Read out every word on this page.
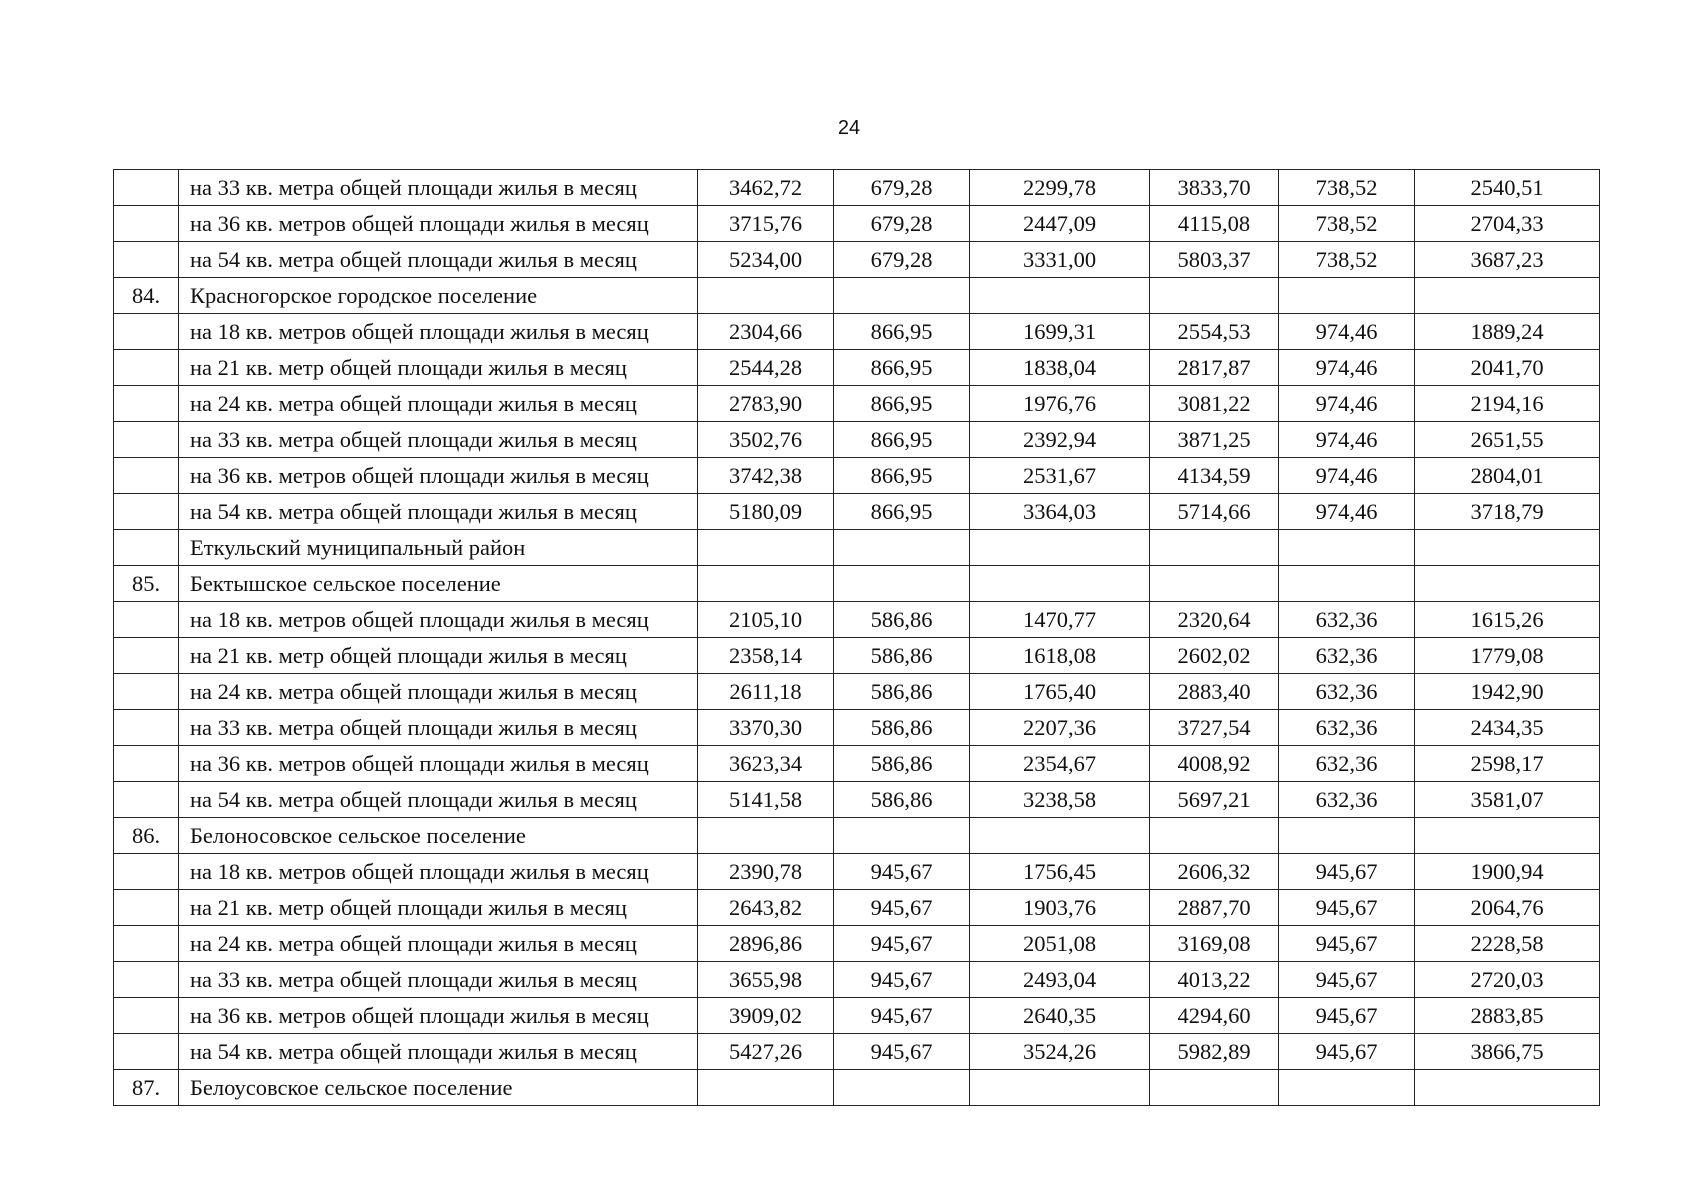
24
	на 33 кв. метра общей площади жилья в месяц	3462,72	679,28	2299,78	3833,70	738,52	2540,51
	на 36 кв. метров общей площади жилья в месяц	3715,76	679,28	2447,09	4115,08	738,52	2704,33
	на 54 кв. метра общей площади жилья в месяц	5234,00	679,28	3331,00	5803,37	738,52	3687,23
84.	Красногорское городское поселение						
	на 18 кв. метров общей площади жилья в месяц	2304,66	866,95	1699,31	2554,53	974,46	1889,24
	на 21 кв. метр общей площади жилья в месяц	2544,28	866,95	1838,04	2817,87	974,46	2041,70
	на 24 кв. метра общей площади жилья в месяц	2783,90	866,95	1976,76	3081,22	974,46	2194,16
	на 33 кв. метра общей площади жилья в месяц	3502,76	866,95	2392,94	3871,25	974,46	2651,55
	на 36 кв. метров общей площади жилья в месяц	3742,38	866,95	2531,67	4134,59	974,46	2804,01
	на 54 кв. метра общей площади жилья в месяц	5180,09	866,95	3364,03	5714,66	974,46	3718,79
	Еткульский муниципальный район						
85.	Бектышское сельское поселение						
	на 18 кв. метров общей площади жилья в месяц	2105,10	586,86	1470,77	2320,64	632,36	1615,26
	на 21 кв. метр общей площади жилья в месяц	2358,14	586,86	1618,08	2602,02	632,36	1779,08
	на 24 кв. метра общей площади жилья в месяц	2611,18	586,86	1765,40	2883,40	632,36	1942,90
	на 33 кв. метра общей площади жилья в месяц	3370,30	586,86	2207,36	3727,54	632,36	2434,35
	на 36 кв. метров общей площади жилья в месяц	3623,34	586,86	2354,67	4008,92	632,36	2598,17
	на 54 кв. метра общей площади жилья в месяц	5141,58	586,86	3238,58	5697,21	632,36	3581,07
86.	Белоносовское сельское поселение						
	на 18 кв. метров общей площади жилья в месяц	2390,78	945,67	1756,45	2606,32	945,67	1900,94
	на 21 кв. метр общей площади жилья в месяц	2643,82	945,67	1903,76	2887,70	945,67	2064,76
	на 24 кв. метра общей площади жилья в месяц	2896,86	945,67	2051,08	3169,08	945,67	2228,58
	на 33 кв. метра общей площади жилья в месяц	3655,98	945,67	2493,04	4013,22	945,67	2720,03
	на 36 кв. метров общей площади жилья в месяц	3909,02	945,67	2640,35	4294,60	945,67	2883,85
	на 54 кв. метра общей площади жилья в месяц	5427,26	945,67	3524,26	5982,89	945,67	3866,75
87.	Белоусовское сельское поселение						
